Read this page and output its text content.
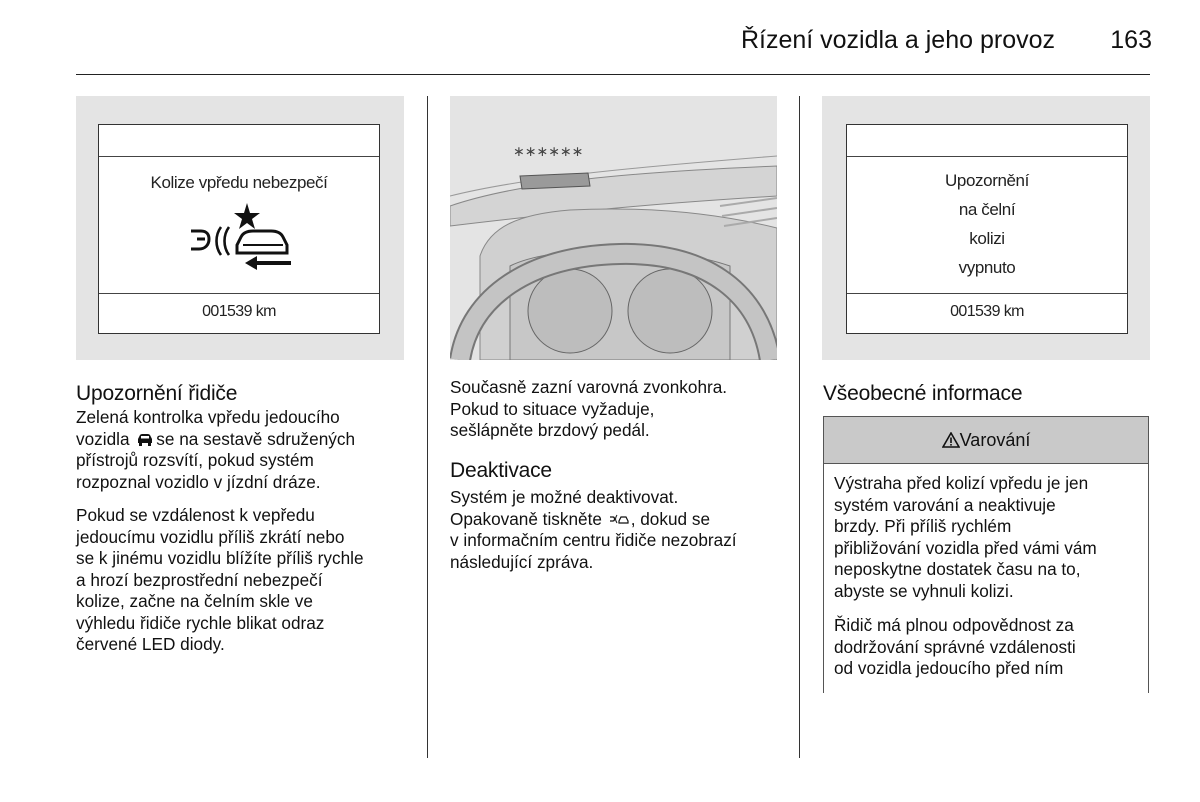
Řízení vozidla a jeho provoz 163
Kolize vpředu nebezpečí
001539 km
Upozornění řidiče
Zelená kontrolka vpředu jedoucího
vozidla se na sestavě sdružených
přístrojů rozsvítí, pokud systém
rozpoznal vozidlo v jízdní dráze.
Pokud se vzdálenost k vepředu
jedoucímu vozidlu příliš zkrátí nebo
se k jinému vozidlu blížíte příliš rychle
a hrozí bezprostřední nebezpečí
kolize, začne na čelním skle ve
výhledu řidiče rychle blikat odraz
červené LED diody.
∗∗∗∗∗∗
Současně zazní varovná zvonkohra.
Pokud to situace vyžaduje,
sešlápněte brzdový pedál.
Deaktivace
Systém je možné deaktivovat.
Opakovaně tiskněte , dokud se
v informačním centru řidiče nezobrazí
následující zpráva.
Upozornění
na čelní
kolizi
vypnuto
001539 km
Všeobecné informace
Varování
Výstraha před kolizí vpředu je jen
systém varování a neaktivuje
brzdy. Při příliš rychlém
přibližování vozidla před vámi vám
neposkytne dostatek času na to,
abyste se vyhnuli kolizi.
Řidič má plnou odpovědnost za
dodržování správné vzdálenosti
od vozidla jedoucího před ním
